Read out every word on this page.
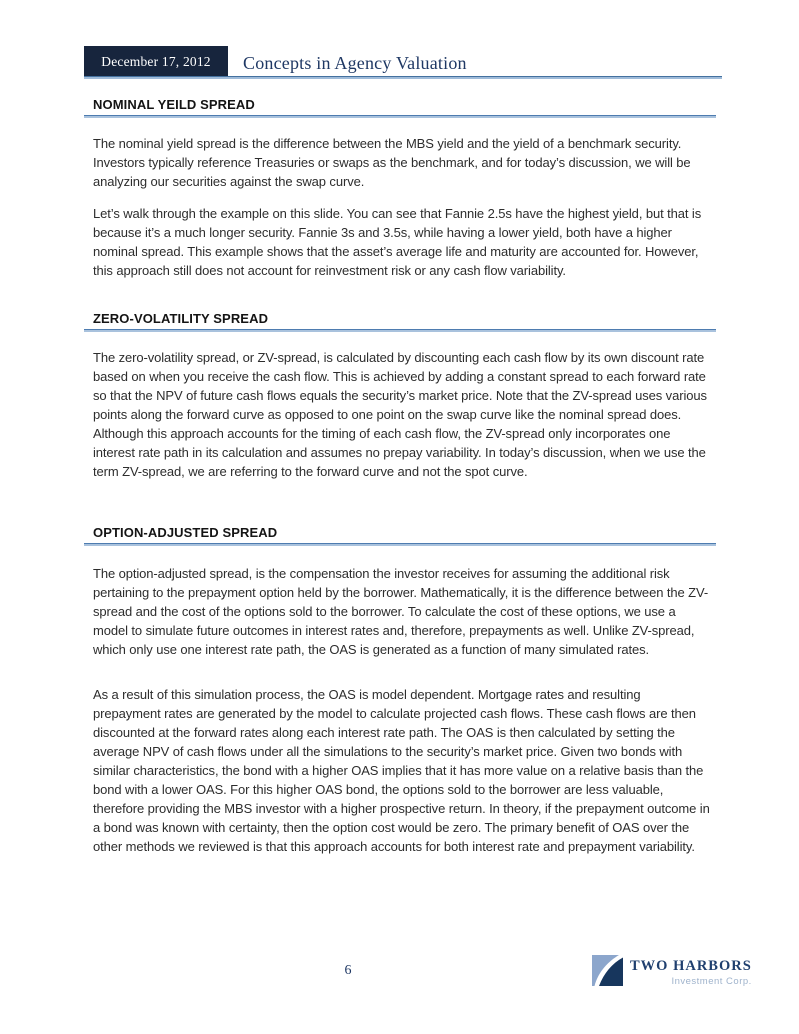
December 17, 2012 Concepts in Agency Valuation
NOMINAL YEILD SPREAD

The nominal yield spread is the difference between the MBS yield and the yield of a benchmark security. Investors typically reference Treasuries or swaps as the benchmark, and for today’s discussion, we will be analyzing our securities against the swap curve.

Let’s walk through the example on this slide. You can see that Fannie 2.5s have the highest yield, but that is because it’s a much longer security. Fannie 3s and 3.5s, while having a lower yield, both have a higher nominal spread. This example shows that the asset’s average life and maturity are accounted for. However, this approach still does not account for reinvestment risk or any cash flow variability.

ZERO-VOLATILITY SPREAD

The zero-volatility spread, or ZV-spread, is calculated by discounting each cash flow by its own discount rate based on when you receive the cash flow. This is achieved by adding a constant spread to each forward rate so that the NPV of future cash flows equals the security’s market price. Note that the ZV-spread uses various points along the forward curve as opposed to one point on the swap curve like the nominal spread does. Although this approach accounts for the timing of each cash flow, the ZV-spread only incorporates one interest rate path in its calculation and assumes no prepay variability. In today’s discussion, when we use the term ZV-spread, we are referring to the forward curve and not the spot curve.

OPTION-ADJUSTED SPREAD

The option-adjusted spread, is the compensation the investor receives for assuming the additional risk pertaining to the prepayment option held by the borrower. Mathematically, it is the difference between the ZV-spread and the cost of the options sold to the borrower. To calculate the cost of these options, we use a model to simulate future outcomes in interest rates and, therefore, prepayments as well. Unlike ZV-spread, which only use one interest rate path, the OAS is generated as a function of many simulated rates.

As a result of this simulation process, the OAS is model dependent. Mortgage rates and resulting prepayment rates are generated by the model to calculate projected cash flows. These cash flows are then discounted at the forward rates along each interest rate path. The OAS is then calculated by setting the average NPV of cash flows under all the simulations to the security’s market price. Given two bonds with similar characteristics, the bond with a higher OAS implies that it has more value on a relative basis than the bond with a lower OAS. For this higher OAS bond, the options sold to the borrower are less valuable, therefore providing the MBS investor with a higher prospective return. In theory, if the prepayment outcome in a bond was known with certainty, then the option cost would be zero. The primary benefit of OAS over the other methods we reviewed is that this approach accounts for both interest rate and prepayment variability.

6	TWO HARBORS
Investment Corp.
